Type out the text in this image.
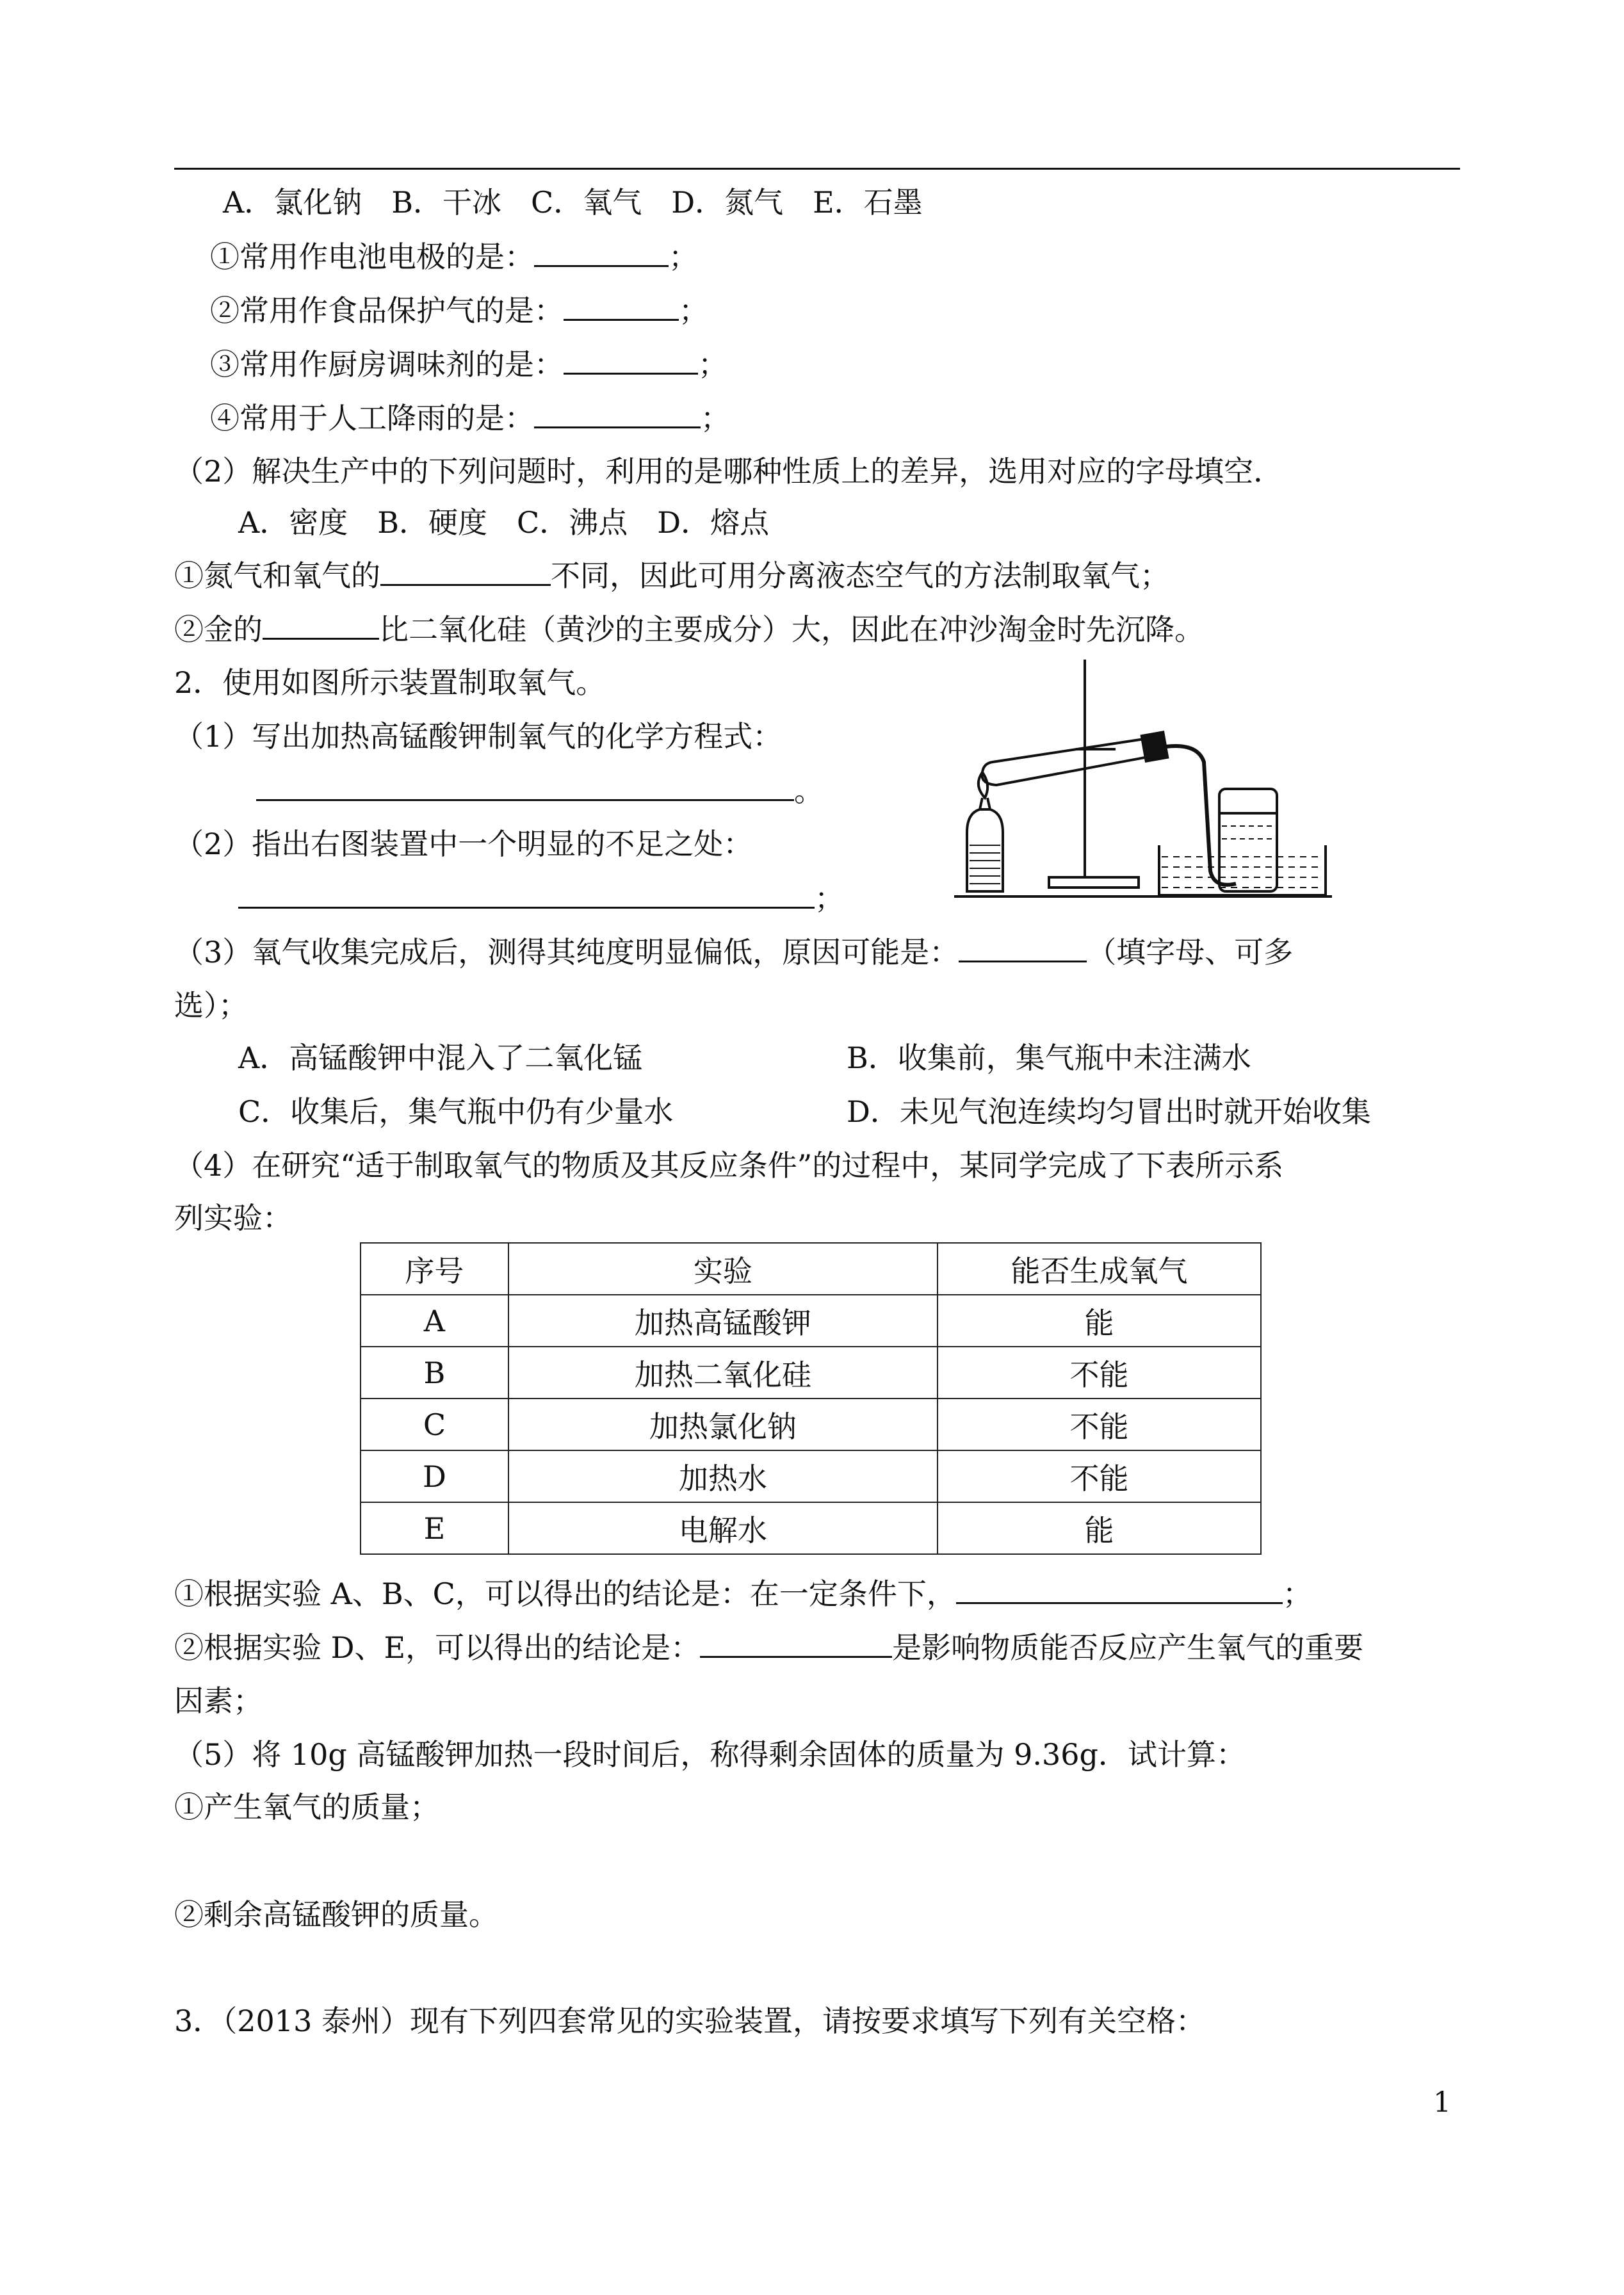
A．氯化钠　B．干冰　C．氧气　D．氮气　E．石墨
①常用作电池电极的是：	；
②常用作食品保护气的是：	；
③常用作厨房调味剂的是：	；
④常用于人工降雨的是：	；
（2）解决生产中的下列问题时，利用的是哪种性质上的差异，选用对应的字母填空．
A．密度　B．硬度　C．沸点　D．熔点
①氮气和氧气的	不同，因此可用分离液态空气的方法制取氧气；
②金的	比二氧化硅（黄沙的主要成分）大，因此在冲沙淘金时先沉降。
2．使用如图所示装置制取氧气。
（1）写出加热高锰酸钾制氧气的化学方程式：
。
（2）指出右图装置中一个明显的不足之处：
；
（3）氧气收集完成后，测得其纯度明显偏低，原因可能是：	（填字母、可多
选）；
A．高锰酸钾中混入了二氧化锰	B．收集前，集气瓶中未注满水
C．收集后，集气瓶中仍有少量水	D．未见气泡连续均匀冒出时就开始收集
（4）在研究“适于制取氧气的物质及其反应条件”的过程中，某同学完成了下表所示系
列实验：
序号	实验	能否生成氧气
A	加热高锰酸钾	能
B	加热二氧化硅	不能
C	加热氯化钠	不能
D	加热水	不能
E	电解水	能
①根据实验 A、B、C，可以得出的结论是：在一定条件下，	；
②根据实验 D、E，可以得出的结论是：	是影响物质能否反应产生氧气的重要
因素；
（5）将 10g 高锰酸钾加热一段时间后，称得剩余固体的质量为 9.36g．试计算：
①产生氧气的质量；
②剩余高锰酸钾的质量。
3．（2013 泰州）现有下列四套常见的实验装置，请按要求填写下列有关空格：
1
